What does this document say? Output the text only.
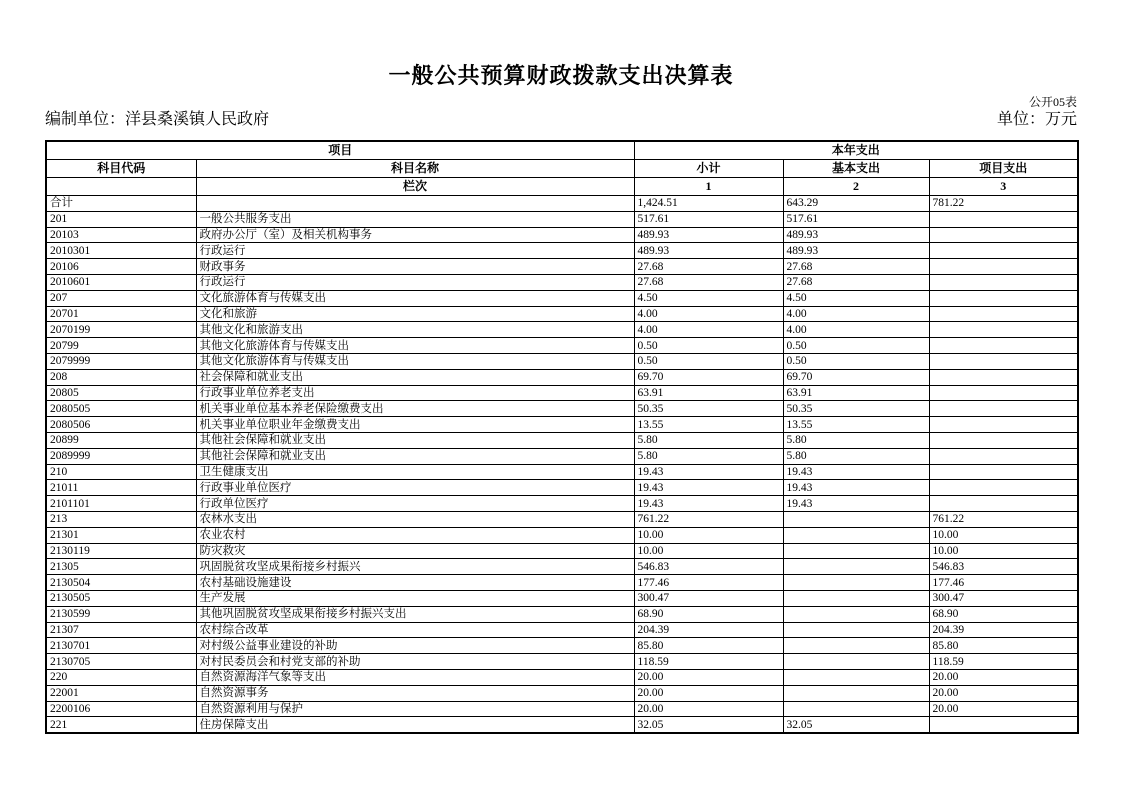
一般公共预算财政拨款支出决算表
公开05表
编制单位：洋县桑溪镇人民政府	单位：万元
项目		本年支出		
科目代码	科目名称	小计	基本支出	项目支出
	栏次	1	2	3
合计		1,424.51	643.29	781.22
201	一般公共服务支出	517.61	517.61	
20103	政府办公厅（室）及相关机构事务	489.93	489.93	
2010301	行政运行	489.93	489.93	
20106	财政事务	27.68	27.68	
2010601	行政运行	27.68	27.68	
207	文化旅游体育与传媒支出	4.50	4.50	
20701	文化和旅游	4.00	4.00	
2070199	其他文化和旅游支出	4.00	4.00	
20799	其他文化旅游体育与传媒支出	0.50	0.50	
2079999	其他文化旅游体育与传媒支出	0.50	0.50	
208	社会保障和就业支出	69.70	69.70	
20805	行政事业单位养老支出	63.91	63.91	
2080505	机关事业单位基本养老保险缴费支出	50.35	50.35	
2080506	机关事业单位职业年金缴费支出	13.55	13.55	
20899	其他社会保障和就业支出	5.80	5.80	
2089999	其他社会保障和就业支出	5.80	5.80	
210	卫生健康支出	19.43	19.43	
21011	行政事业单位医疗	19.43	19.43	
2101101	行政单位医疗	19.43	19.43	
213	农林水支出	761.22		761.22
21301	农业农村	10.00		10.00
2130119	防灾救灾	10.00		10.00
21305	巩固脱贫攻坚成果衔接乡村振兴	546.83		546.83
2130504	农村基础设施建设	177.46		177.46
2130505	生产发展	300.47		300.47
2130599	其他巩固脱贫攻坚成果衔接乡村振兴支出	68.90		68.90
21307	农村综合改革	204.39		204.39
2130701	对村级公益事业建设的补助	85.80		85.80
2130705	对村民委员会和村党支部的补助	118.59		118.59
220	自然资源海洋气象等支出	20.00		20.00
22001	自然资源事务	20.00		20.00
2200106	自然资源利用与保护	20.00		20.00
221	住房保障支出	32.05	32.05	
